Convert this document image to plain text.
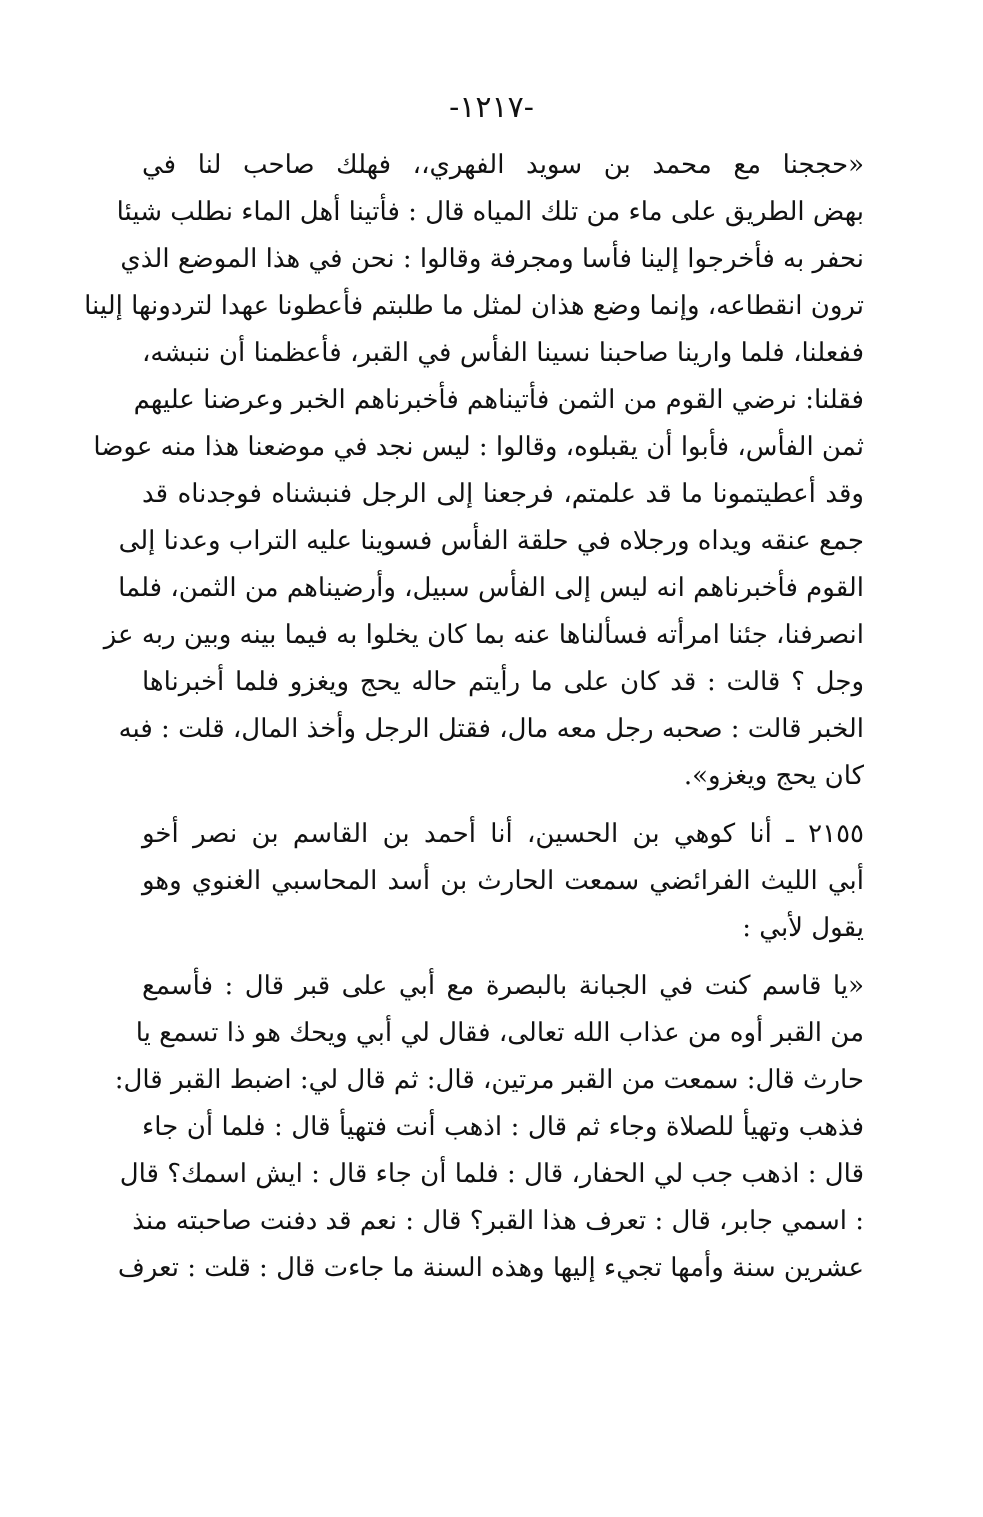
-١٢١٧-
«حججنا مع محمد بن سويد الفهري،، فهلك صاحب لنا في
بهض الطريق على ماء من تلك المياه قال : فأتينا أهل الماء نطلب شيئا
نحفر به فأخرجوا إلينا فأسا ومجرفة وقالوا : نحن في هذا الموضع الذي
ترون انقطاعه، وإنما وضع هذان لمثل ما طلبتم فأعطونا عهدا لتردونها إلينا
ففعلنا، فلما وارينا صاحبنا نسينا الفأس في القبر، فأعظمنا أن ننبشه،
فقلنا: نرضي القوم من الثمن فأتيناهم فأخبرناهم الخبر وعرضنا عليهم
ثمن الفأس، فأبوا أن يقبلوه، وقالوا : ليس نجد في موضعنا هذا منه عوضا
وقد أعطيتمونا ما قد علمتم، فرجعنا إلى الرجل فنبشناه فوجدناه قد
جمع عنقه ويداه ورجلاه في حلقة الفأس فسوينا عليه التراب وعدنا إلى
القوم فأخبرناهم انه ليس إلى الفأس سبيل، وأرضيناهم من الثمن، فلما
انصرفنا، جئنا امرأته فسألناها عنه بما كان يخلوا به فيما بينه وبين ربه عز
وجل ؟ قالت : قد كان على ما رأيتم حاله يحج ويغزو فلما أخبرناها
الخبر قالت : صحبه رجل معه مال، فقتل الرجل وأخذ المال، قلت : فبه
كان يحج ويغزو».
٢١٥٥ ـ أنا كوهي بن الحسين، أنا أحمد بن القاسم بن نصر أخو
أبي الليث الفرائضي سمعت الحارث بن أسد المحاسبي الغنوي وهو
يقول لأبي :
«يا قاسم كنت في الجبانة بالبصرة مع أبي على قبر قال : فأسمع
من القبر أوه من عذاب الله تعالى، فقال لي أبي ويحك هو ذا تسمع يا
حارث قال: سمعت من القبر مرتين، قال: ثم قال لي: اضبط القبر قال:
فذهب وتهيأ للصلاة وجاء ثم قال : اذهب أنت فتهيأ قال : فلما أن جاء
قال : اذهب جب لي الحفار، قال : فلما أن جاء قال : ايش اسمك؟ قال
: اسمي جابر، قال : تعرف هذا القبر؟ قال : نعم قد دفنت صاحبته منذ
عشرين سنة وأمها تجيء إليها وهذه السنة ما جاءت قال : قلت : تعرف
